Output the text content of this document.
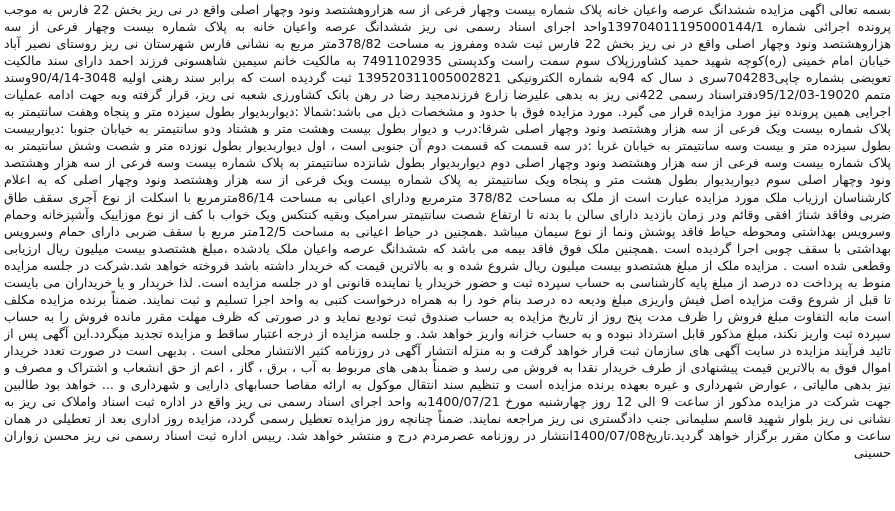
بسمه تعالی اگهی مزایده ششدانگ عرصه واعیان خانه پلاک شماره بیست وچهار فرعی از سه هزاروهشتصد ونود وچهار اصلی واقع در نی ریز بخش 22 فارس به موجب پرونده اجرائی شماره 139704011195000144/1واحد اجرای اسناد رسمی نی ریز ششدانگ عرصه واعیان خانه به پلاک شماره بیست وچهار فرعی از سه هزاروهشتصد ونود وچهار اصلی واقع در نی ریز بخش 22 فارس ثبت شده ومفروز به مساحت 378/82متر مربع به نشانی فارس شهرستان نی ریز روستای نصیر آباد خیابان امام خمینی (ره)کوچه شهید حمید کشاورزپلاک سوم سمت راست وکدپستی 7491102935 به مالکیت خانم سیمین شاهسونی فرزند احمد دارای سند مالکیت تعویضی بشماره چاپی704283سری د سال که 94به شماره الکترونیکی 139520311005002821 ثبت گردیده است که برابر سند رهنی اولیه 3048-90/4/14وسند متمم 19020-95/12/03دفتراسناد رسمی 422نی ریز به بدهی علیرضا زارع فرزندمجید رضا در رهن بانک کشاورزی شعبه نی ریز، قرار گرفته وبه جهت ادامه عملیات اجرایی همین پرونده نیز مورد مزایده قرار می گیرد. مورد مزایده فوق با حدود و مشخصات ذیل می باشد:شمالا :دیواربدیوار بطول سیزده متر و پنجاه وهفت سانتیمتر به پلاک شماره بیست ویک فرعی از سه هزار وهشتصد ونود وچهار اصلی شرقا:درب و دیوار بطول بیست وهشت متر و هشتاد ودو سانتیمتر به خیابان جنوبا :دیواربیست بطول سیزده متر و بیست وسه سانتیمتر به خیابان غربا :در سه قسمت که قسمت دوم آن جنوبی است ، اول دیواربدیوار بطول نوزده متر و شصت وشش سانتیمتر به پلاک شماره بیست وسه فرعی از سه هزار وهشتصد ونود وچهار اصلی دوم دیواربدیوار بطول شانزده سانتیمتر به پلاک شماره بیست وسه فرعی از سه هزار وهشتصد ونود وچهار اصلی سوم دیواربدیوار بطول هشت متر و پنجاه ویک سانتیمتر به پلاک شماره بیست ویک فرعی از سه هزار وهشتصد ونود وچهار اصلی که به اعلام کارشناسان ارزیاب ملک مورد مزایده عبارت است از ملک به مساحت 378/82 مترمربع ودارای اعیانی به مساحت 86/14مترمربع با اسکلت از نوع آجری سقف طاق ضربی وفاقد شناژ افقی وقائم ودر زمان بازدید دارای سالن با بدنه تا ارتفاع شصت سانتیمتر سرامیک وبقیه کنتکس ویک خواب با کف از نوع موزاییک وآشپزخانه وحمام وسرویس بهداشتی ومحوطه حیاط فاقد پوشش ونما از نوع سیمان میباشد .همچنین در حیاط اعیانی به مساحت 12/5متر مربع با سقف ضربی دارای حمام وسرویس بهداشتی با سقف چوبی اجرا گردیده است .همچنین ملک فوق فاقد بیمه می باشد که ششدانگ عرصه واعیان ملک یادشده ،مبلغ هشتصدو بیست میلیون ریال ارزیابی وقطعی شده است . مزایده ملک از مبلغ هشتصدو بیست میلیون ریال شروع شده و به بالاترین قیمت که خریدار داشته باشد فروخته خواهد شد.شرکت در جلسه مزایده منوط به پرداخت ده درصد از مبلغ پایه کارشناسی به حساب سپرده ثبت و حضور خریدار یا نماینده قانونی او در جلسه مزایده است. لذا خریدار و یا خریداران می بایست تا قبل از شروع وقت مزایده اصل فیش واریزی مبلغ ودیعه ده درصد بنام خود را به همراه درخواست کتبی به واحد اجرا تسلیم و ثبت نمایند. ضمناً برنده مزایده مکلف است مابه التفاوت مبلغ فروش را ظرف مدت پنج روز از تاریخ مزایده به حساب صندوق ثبت تودیع نماید و در صورتی که ظرف مهلت مقرر مانده فروش را به حساب سپرده ثبت واریز نکند، مبلغ مذکور قابل استرداد نبوده و به حساب خزانه واریز خواهد شد. و جلسه مزایده از درجه اعتبار ساقط و مزایده تجدید میگردد.این آگهی پس از تائید فرآیند مزایده در سایت آگهی های سازمان ثبت قرار خواهد گرفت و به منزله انتشار آگهی در روزنامه کثیر الانتشار محلی است . بدیهی است در صورت تعدد خریدار اموال فوق به بالاترین قیمت پیشنهادی از طرف خریدار نقدا به فروش می رسد و ضمناً بدهی های مربوط به آب ، برق ، گاز ، اعم از حق انشعاب و اشتراک و مصرف و نیز بدهی مالیاتی ، عوارض شهرداری و غیره بعهده برنده مزایده است و تنظیم سند انتقال موکول به ارائه مفاصا حسابهای دارایی و شهرداری و ... خواهد بود طالبین جهت شرکت در مزایده مذکور از ساعت 9 الی 12 روز چهارشنبه مورخ 1400/07/21به واحد اجرای اسناد رسمی نی ریز واقع در اداره ثبت اسناد واملاک نی ریز به نشانی نی ریز بلوار شهید قاسم سلیمانی جنب دادگستری نی ریز مراجعه نمایند. ضمناً چنانچه روز مزایده تعطیل رسمی گردد، مزایده روز اداری بعد از تعطیلی در همان ساعت و مکان مقرر برگزار خواهد گردید.تاریخ1400/07/08انتشار در روزنامه عصرمردم درج و منتشر خواهد شد. رییس اداره ثبت اسناد رسمی نی ریز محسن زواران حسینی
